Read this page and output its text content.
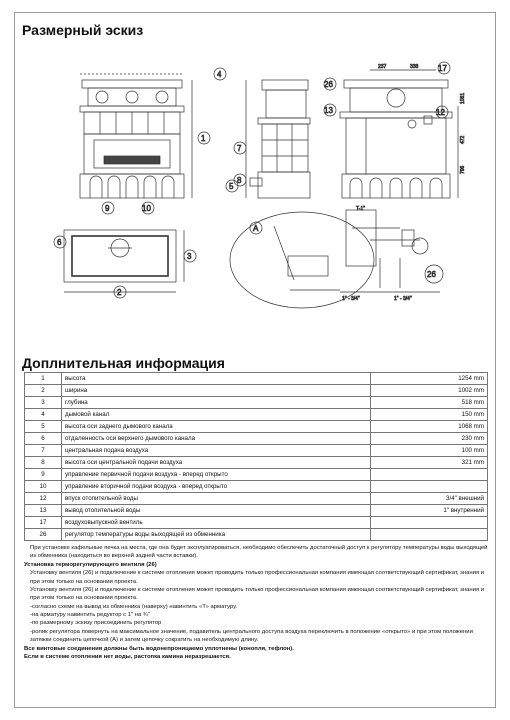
Размерный эскиз
237	338
472
796
1061
T-1"
1" - 3/4"	1" - 3/4"
1
2
3
4
5
6
7
8
9	10
12
13
17
26
26
A
Доплнительная информация
1	высота	1254 mm
2	ширина	1002 mm
3	глубина	518 mm
4	дымовой канал	150 mm
5	высота оси заднего дымового канала	1068 mm
6	отдаленность оси верхнего дымового канала	230 mm
7	центральная подача воздуха	100 mm
8	высота оси центральной подачи воздуха	321 mm
9	управление первичной подачи воздуха - вперед открыто	
10	управление вторичной подачи воздуха - вперед открыто	
12	впуск отопительной воды	3/4" внешний
13	вывод отопительной воды	1" внутренний
17	воздуховыпускной вентиль	
26	регулятор температуры воды выходящей из обменника	

При установке кафельные печка на места, где она будет эксплуатироваться, необходимо обеспечить достаточный доступ к регулятору температуры воды выходящей из обменника (находиться во верхней задней части вставки).

Установка терморегулирующего вентиля (26)

Установку вентиля (26) и подключение к системе отопления может проводить только профессиональная компания имеющая соответствующий сертификат, знания и при этом только на основании проекта.

Установку вентиля (26) и подключение к системе отопления может проводить только профессиональная компания имеющая соответствующий сертификат, знания и при этом только на основании проекта.

-согласно схеме на вывод из обменника (наверху) навинтить «Т» арматуру.

-на арматуру навинтить редуктор с 1" на ¾"

-по размерному эскизу присоединить регулятор

-ролик регулятора повернуть на максимальное значение, подавитель центрального доступа воздуха переключить в положение «открыто» и при этом положении затяжки соединить цепочкой (A) и затем цепочку сократить на необходимую длину.

Все винтовые соединения должны быть водонепроницаемо уплотнены (конопля, тефлон).

Если в системе отопления нет воды, растопка камина неразрешается.
